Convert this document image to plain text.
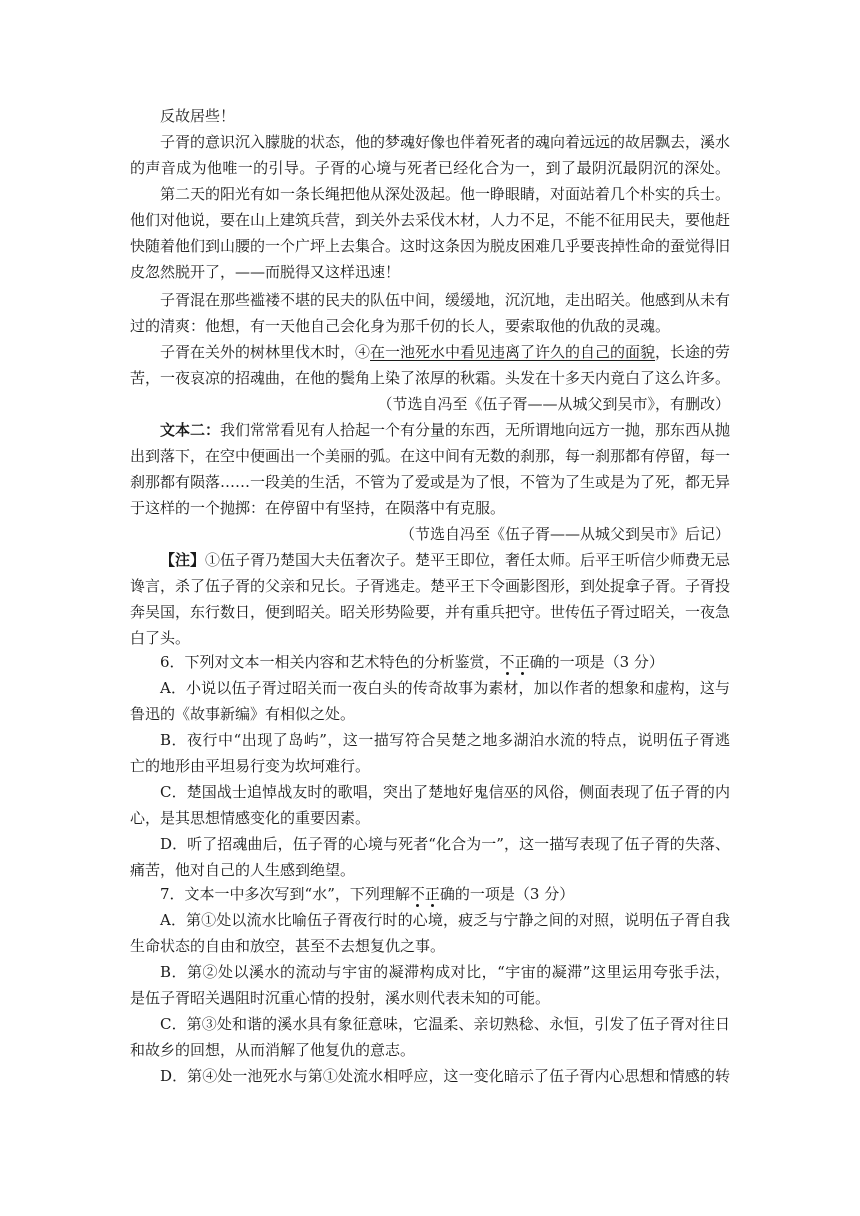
反故居些！
子胥的意识沉入朦胧的状态，他的梦魂好像也伴着死者的魂向着远远的故居飘去，溪水
的声音成为他唯一的引导。子胥的心境与死者已经化合为一，到了最阴沉最阴沉的深处。
第二天的阳光有如一条长绳把他从深处汲起。他一睁眼睛，对面站着几个朴实的兵士。
他们对他说，要在山上建筑兵营，到关外去采伐木材，人力不足，不能不征用民夫，要他赶
快随着他们到山腰的一个广坪上去集合。这时这条因为脱皮困难几乎要丧掉性命的蚕觉得旧
皮忽然脱开了，——而脱得又这样迅速！
子胥混在那些褴褛不堪的民夫的队伍中间，缓缓地，沉沉地，走出昭关。他感到从未有
过的清爽：他想，有一天他自己会化身为那千仞的长人，要索取他的仇敌的灵魂。
子胥在关外的树林里伐木时，④在一池死水中看见违离了许久的自己的面貌，长途的劳
苦，一夜哀凉的招魂曲，在他的鬓角上染了浓厚的秋霜。头发在十多天内竟白了这么许多。
（节选自冯至《伍子胥——从城父到吴市》，有删改）
文本二：我们常常看见有人拾起一个有分量的东西，无所谓地向远方一抛，那东西从抛
出到落下，在空中便画出一个美丽的弧。在这中间有无数的刹那，每一刹那都有停留，每一
刹那都有陨落……一段美的生活，不管为了爱或是为了恨，不管为了生或是为了死，都无异
于这样的一个抛掷：在停留中有坚持，在陨落中有克服。
（节选自冯至《伍子胥——从城父到吴市》后记）
【注】①伍子胥乃楚国大夫伍奢次子。楚平王即位，奢任太师。后平王听信少师费无忌
谗言，杀了伍子胥的父亲和兄长。子胥逃走。楚平王下令画影图形，到处捉拿子胥。子胥投
奔吴国，东行数日，便到昭关。昭关形势险要，并有重兵把守。世传伍子胥过昭关，一夜急
白了头。
6．下列对文本一相关内容和艺术特色的分析鉴赏，不正确的一项是（3 分）
A．小说以伍子胥过昭关而一夜白头的传奇故事为素材，加以作者的想象和虚构，这与
鲁迅的《故事新编》有相似之处。
B．夜行中“出现了岛屿”，这一描写符合吴楚之地多湖泊水流的特点，说明伍子胥逃
亡的地形由平坦易行变为坎坷难行。
C．楚国战士追悼战友时的歌唱，突出了楚地好鬼信巫的风俗，侧面表现了伍子胥的内
心，是其思想情感变化的重要因素。
D．听了招魂曲后，伍子胥的心境与死者“化合为一”，这一描写表现了伍子胥的失落、
痛苦，他对自己的人生感到绝望。
7．文本一中多次写到“水”，下列理解不正确的一项是（3 分）
A．第①处以流水比喻伍子胥夜行时的心境，疲乏与宁静之间的对照，说明伍子胥自我
生命状态的自由和放空，甚至不去想复仇之事。
B．第②处以溪水的流动与宇宙的凝滞构成对比，“宇宙的凝滞”这里运用夸张手法，
是伍子胥昭关遇阻时沉重心情的投射，溪水则代表未知的可能。
C．第③处和谐的溪水具有象征意味，它温柔、亲切熟稔、永恒，引发了伍子胥对往日
和故乡的回想，从而消解了他复仇的意志。
D．第④处一池死水与第①处流水相呼应，这一变化暗示了伍子胥内心思想和情感的转
